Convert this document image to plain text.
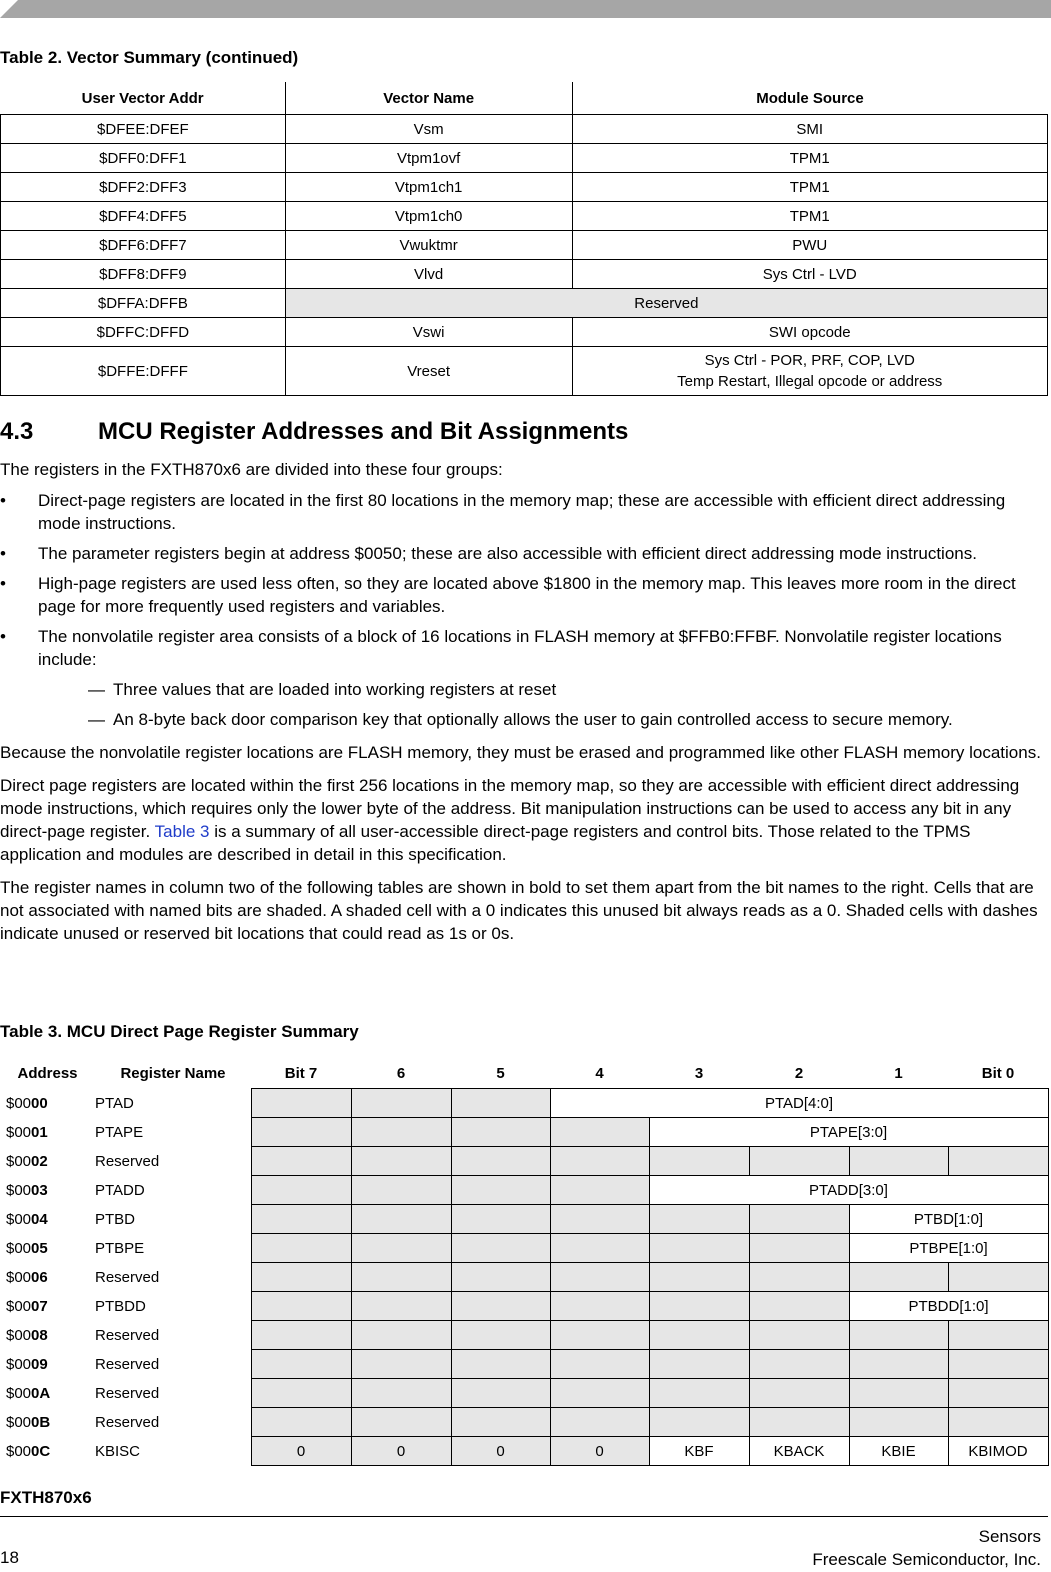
Table 2. Vector Summary (continued)
User Vector Addr	Vector Name	Module Source
$DFEE:DFEF	Vsm	SMI
$DFF0:DFF1	Vtpm1ovf	TPM1
$DFF2:DFF3	Vtpm1ch1	TPM1
$DFF4:DFF5	Vtpm1ch0	TPM1
$DFF6:DFF7	Vwuktmr	PWU
$DFF8:DFF9	Vlvd	Sys Ctrl - LVD
$DFFA:DFFB	Reserved	
$DFFC:DFFD	Vswi	SWI opcode
$DFFE:DFFF	Vreset	Sys Ctrl - POR, PRF, COP, LVD
Temp Restart, Illegal opcode or address
4.3	MCU Register Addresses and Bit Assignments

The registers in the FXTH870x6 are divided into these four groups:

• Direct-page registers are located in the first 80 locations in the memory map; these are accessible with efficient direct addressing mode instructions.
• The parameter registers begin at address $0050; these are also accessible with efficient direct addressing mode instructions.
• High-page registers are used less often, so they are located above $1800 in the memory map. This leaves more room in the direct page for more frequently used registers and variables.
• The nonvolatile register area consists of a block of 16 locations in FLASH memory at $FFB0:FFBF. Nonvolatile register locations include:
— Three values that are loaded into working registers at reset
— An 8-byte back door comparison key that optionally allows the user to gain controlled access to secure memory.

Because the nonvolatile register locations are FLASH memory, they must be erased and programmed like other FLASH memory locations.

Direct page registers are located within the first 256 locations in the memory map, so they are accessible with efficient direct addressing mode instructions, which requires only the lower byte of the address. Bit manipulation instructions can be used to access any bit in any direct-page register. Table 3 is a summary of all user-accessible direct-page registers and control bits. Those related to the TPMS application and modules are described in detail in this specification.

The register names in column two of the following tables are shown in bold to set them apart from the bit names to the right. Cells that are not associated with named bits are shaded. A shaded cell with a 0 indicates this unused bit always reads as a 0. Shaded cells with dashes indicate unused or reserved bit locations that could read as 1s or 0s.

Table 3. MCU Direct Page Register Summary
Address	Register Name	Bit 7	6	5	4	3	2	1	Bit 0
$0000	PTAD				PTAD[4:0]				
$0001	PTAPE					PTAPE[3:0]			
$0002	Reserved								
$0003	PTADD					PTADD[3:0]			
$0004	PTBD							PTBD[1:0]	
$0005	PTBPE							PTBPE[1:0]	
$0006	Reserved								
$0007	PTBDD							PTBDD[1:0]	
$0008	Reserved								
$0009	Reserved								
$000A	Reserved								
$000B	Reserved								
$000C	KBISC	0	0	0	0	KBF	KBACK	KBIE	KBIMOD
FXTH870x6
Sensors
Freescale Semiconductor, Inc.
18
